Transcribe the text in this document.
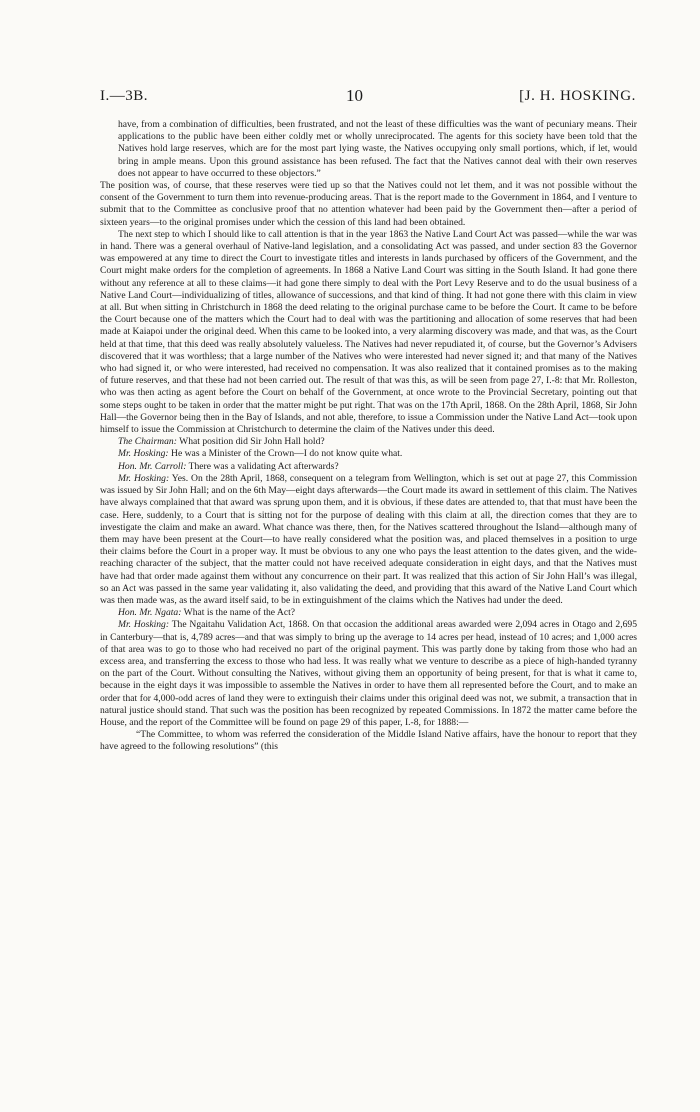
I.—3B.	10	[J. H. HOSKING.

have, from a combination of difficulties, been frustrated, and not the least of these difficulties was the want of pecuniary means. Their applications to the public have been either coldly met or wholly unreciprocated. The agents for this society have been told that the Natives hold large reserves, which are for the most part lying waste, the Natives occupying only small portions, which, if let, would bring in ample means. Upon this ground assistance has been refused. The fact that the Natives cannot deal with their own reserves does not appear to have occurred to these objectors.”

The position was, of course, that these reserves were tied up so that the Natives could not let them, and it was not possible without the consent of the Government to turn them into revenue-producing areas. That is the report made to the Government in 1864, and I venture to submit that to the Committee as conclusive proof that no attention whatever had been paid by the Government then—after a period of sixteen years—to the original promises under which the cession of this land had been obtained.

The next step to which I should like to call attention is that in the year 1863 the Native Land Court Act was passed—while the war was in hand. There was a general overhaul of Native-land legislation, and a consolidating Act was passed, and under section 83 the Governor was empowered at any time to direct the Court to investigate titles and interests in lands purchased by officers of the Government, and the Court might make orders for the completion of agreements. In 1868 a Native Land Court was sitting in the South Island. It had gone there without any reference at all to these claims—it had gone there simply to deal with the Port Levy Reserve and to do the usual business of a Native Land Court—individualizing of titles, allowance of successions, and that kind of thing. It had not gone there with this claim in view at all. But when sitting in Christchurch in 1868 the deed relating to the original purchase came to be before the Court. It came to be before the Court because one of the matters which the Court had to deal with was the partitioning and allocation of some reserves that had been made at Kaiapoi under the original deed. When this came to be looked into, a very alarming discovery was made, and that was, as the Court held at that time, that this deed was really absolutely valueless. The Natives had never repudiated it, of course, but the Governor’s Advisers discovered that it was worthless; that a large number of the Natives who were interested had never signed it; and that many of the Natives who had signed it, or who were interested, had received no compensation. It was also realized that it contained promises as to the making of future reserves, and that these had not been carried out. The result of that was this, as will be seen from page 27, I.-8: that Mr. Rolleston, who was then acting as agent before the Court on behalf of the Government, at once wrote to the Provincial Secretary, pointing out that some steps ought to be taken in order that the matter might be put right. That was on the 17th April, 1868. On the 28th April, 1868, Sir John Hall—the Governor being then in the Bay of Islands, and not able, therefore, to issue a Commission under the Native Land Act—took upon himself to issue the Commission at Christchurch to determine the claim of the Natives under this deed.

The Chairman: What position did Sir John Hall hold?

Mr. Hosking: He was a Minister of the Crown—I do not know quite what.

Hon. Mr. Carroll: There was a validating Act afterwards?

Mr. Hosking: Yes. On the 28th April, 1868, consequent on a telegram from Wellington, which is set out at page 27, this Commission was issued by Sir John Hall; and on the 6th May—eight days afterwards—the Court made its award in settlement of this claim. The Natives have always complained that that award was sprung upon them, and it is obvious, if these dates are attended to, that that must have been the case. Here, suddenly, to a Court that is sitting not for the purpose of dealing with this claim at all, the direction comes that they are to investigate the claim and make an award. What chance was there, then, for the Natives scattered throughout the Island—although many of them may have been present at the Court—to have really considered what the position was, and placed themselves in a position to urge their claims before the Court in a proper way. It must be obvious to any one who pays the least attention to the dates given, and the wide-reaching character of the subject, that the matter could not have received adequate consideration in eight days, and that the Natives must have had that order made against them without any concurrence on their part. It was realized that this action of Sir John Hall’s was illegal, so an Act was passed in the same year validating it, also validating the deed, and providing that this award of the Native Land Court which was then made was, as the award itself said, to be in extinguishment of the claims which the Natives had under the deed.

Hon. Mr. Ngata: What is the name of the Act?

Mr. Hosking: The Ngaitahu Validation Act, 1868. On that occasion the additional areas awarded were 2,094 acres in Otago and 2,695 in Canterbury—that is, 4,789 acres—and that was simply to bring up the average to 14 acres per head, instead of 10 acres; and 1,000 acres of that area was to go to those who had received no part of the original payment. This was partly done by taking from those who had an excess area, and transferring the excess to those who had less. It was really what we venture to describe as a piece of high-handed tyranny on the part of the Court. Without consulting the Natives, without giving them an opportunity of being present, for that is what it came to, because in the eight days it was impossible to assemble the Natives in order to have them all represented before the Court, and to make an order that for 4,000-odd acres of land they were to extinguish their claims under this original deed was not, we submit, a transaction that in natural justice should stand. That such was the position has been recognized by repeated Commissions. In 1872 the matter came before the House, and the report of the Committee will be found on page 29 of this paper, I.-8, for 1888:—

“The Committee, to whom was referred the consideration of the Middle Island Native affairs, have the honour to report that they have agreed to the following resolutions” (this
